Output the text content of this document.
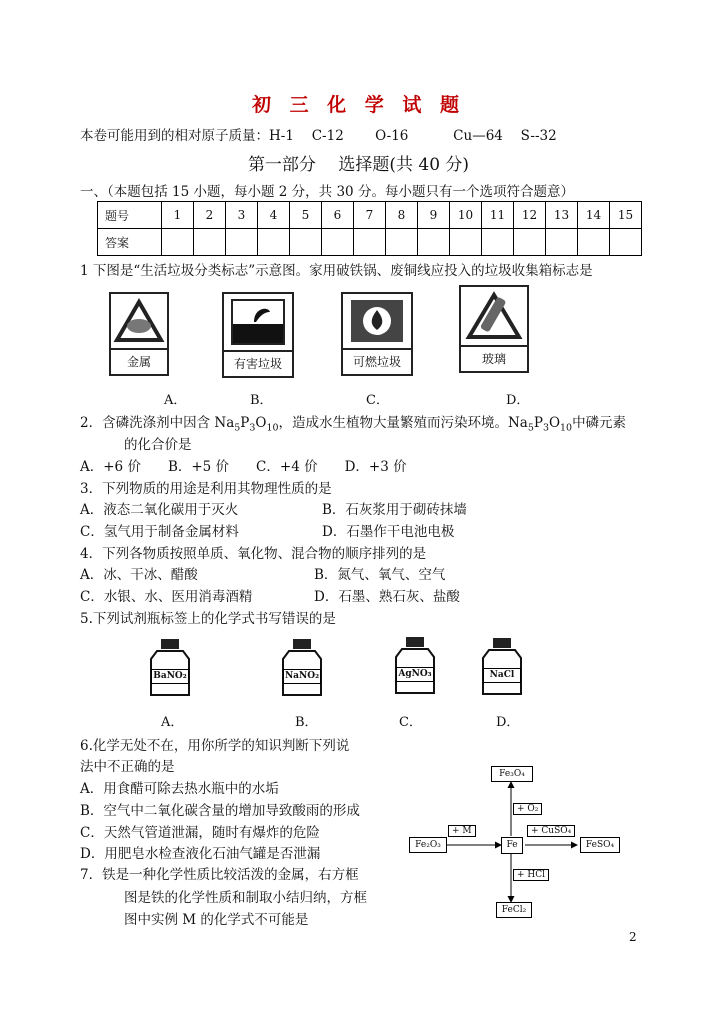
初 三 化 学 试 题
本卷可能用到的相对原子质量：H-1　 C-12　　 O-16　　　 Cu—64　 S--32
第一部分　 选择题(共 40 分)
一、（本题包括 15 小题，每小题 2 分，共 30 分。每小题只有一个选项符合题意）
题号	1	2	3	4	5	6	7	8	9	10	11	12	13	14	15
答案															
1 下图是“生活垃圾分类标志”示意图。家用破铁锅、废铜线应投入的垃圾收集箱标志是
金属	有害垃圾	可燃垃圾	玻璃
A．	B．	C．	D．
2．含磷洗涤剂中因含 $Na_5P_3O_{10}$，造成水生植物大量繁殖而污染环境。$Na_5P_3O_{10}$中磷元素
的化合价是
A．+6 价　　B．+5 价　　C．+4 价　　D．+3 价
3．下列物质的用途是利用其物理性质的是
A．液态二氧化碳用于灭火	B．石灰浆用于砌砖抹墙
C．氢气用于制备金属材料	D．石墨作干电池电极
4．下列各物质按照单质、氧化物、混合物的顺序排列的是
A．冰、干冰、醋酸	B．氮气、氧气、空气
C．水银、水、医用消毒酒精	D．石墨、熟石灰、盐酸
5.下列试剂瓶标签上的化学式书写错误的是
BaNO₂	NaNO₂	AgNO₃	NaCl
A．	B．	C．	D．
6.化学无处不在，用你所学的知识判断下列说
法中不正确的是
A．用食醋可除去热水瓶中的水垢
B．空气中二氧化碳含量的增加导致酸雨的形成
C．天然气管道泄漏，随时有爆炸的危险
D．用肥皂水检查液化石油气罐是否泄漏
7．铁是一种化学性质比较活泼的金属，右方框
图是铁的化学性质和制取小结归纳，方框
图中实例 M 的化学式不可能是
Fe₃O₄
Fe₂O₃	Fe	FeSO₄
FeCl₂
+ O₂
+ M	+ CuSO₄
+ HCl
2
